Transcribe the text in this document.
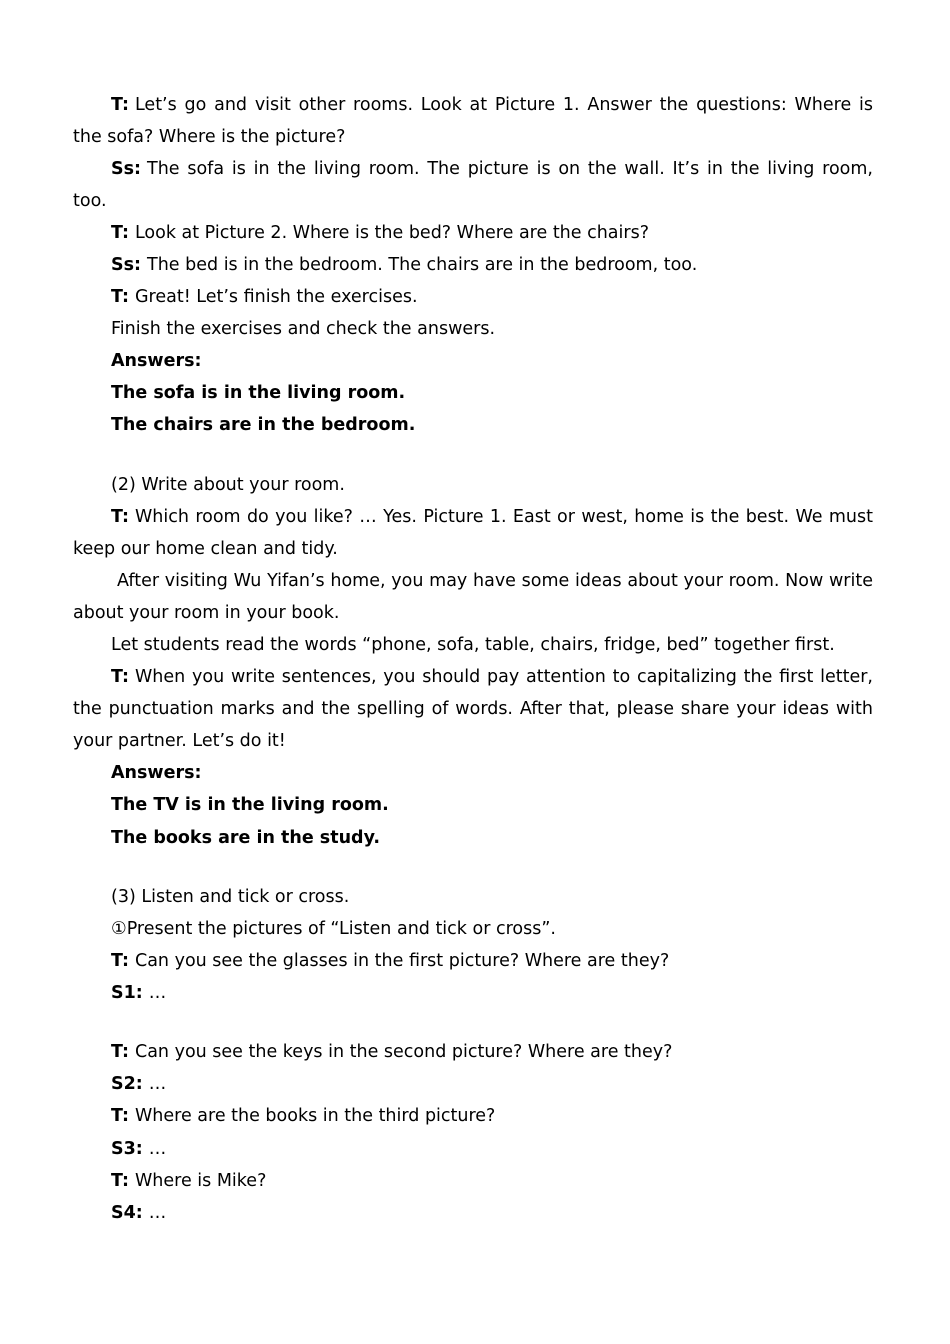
T: Let’s go and visit other rooms. Look at Picture 1. Answer the questions: Where is the sofa? Where is the picture?

Ss: The sofa is in the living room. The picture is on the wall. It’s in the living room, too.

T: Look at Picture 2. Where is the bed? Where are the chairs?

Ss: The bed is in the bedroom. The chairs are in the bedroom, too.

T: Great! Let’s finish the exercises.

Finish the exercises and check the answers.

Answers:

The sofa is in the living room.

The chairs are in the bedroom.

(2) Write about your room.

T: Which room do you like? … Yes. Picture 1. East or west, home is the best. We must keep our home clean and tidy.

After visiting Wu Yifan’s home, you may have some ideas about your room. Now write about your room in your book.

Let students read the words “phone, sofa, table, chairs, fridge, bed” together first.

T: When you write sentences, you should pay attention to capitalizing the first letter, the punctuation marks and the spelling of words. After that, please share your ideas with your partner. Let’s do it!

Answers:

The TV is in the living room.

The books are in the study.

(3) Listen and tick or cross.

①Present the pictures of “Listen and tick or cross”.

T: Can you see the glasses in the first picture? Where are they?

S1: …

T: Can you see the keys in the second picture? Where are they?

S2: …

T: Where are the books in the third picture?

S3: …

T: Where is Mike?

S4: …
